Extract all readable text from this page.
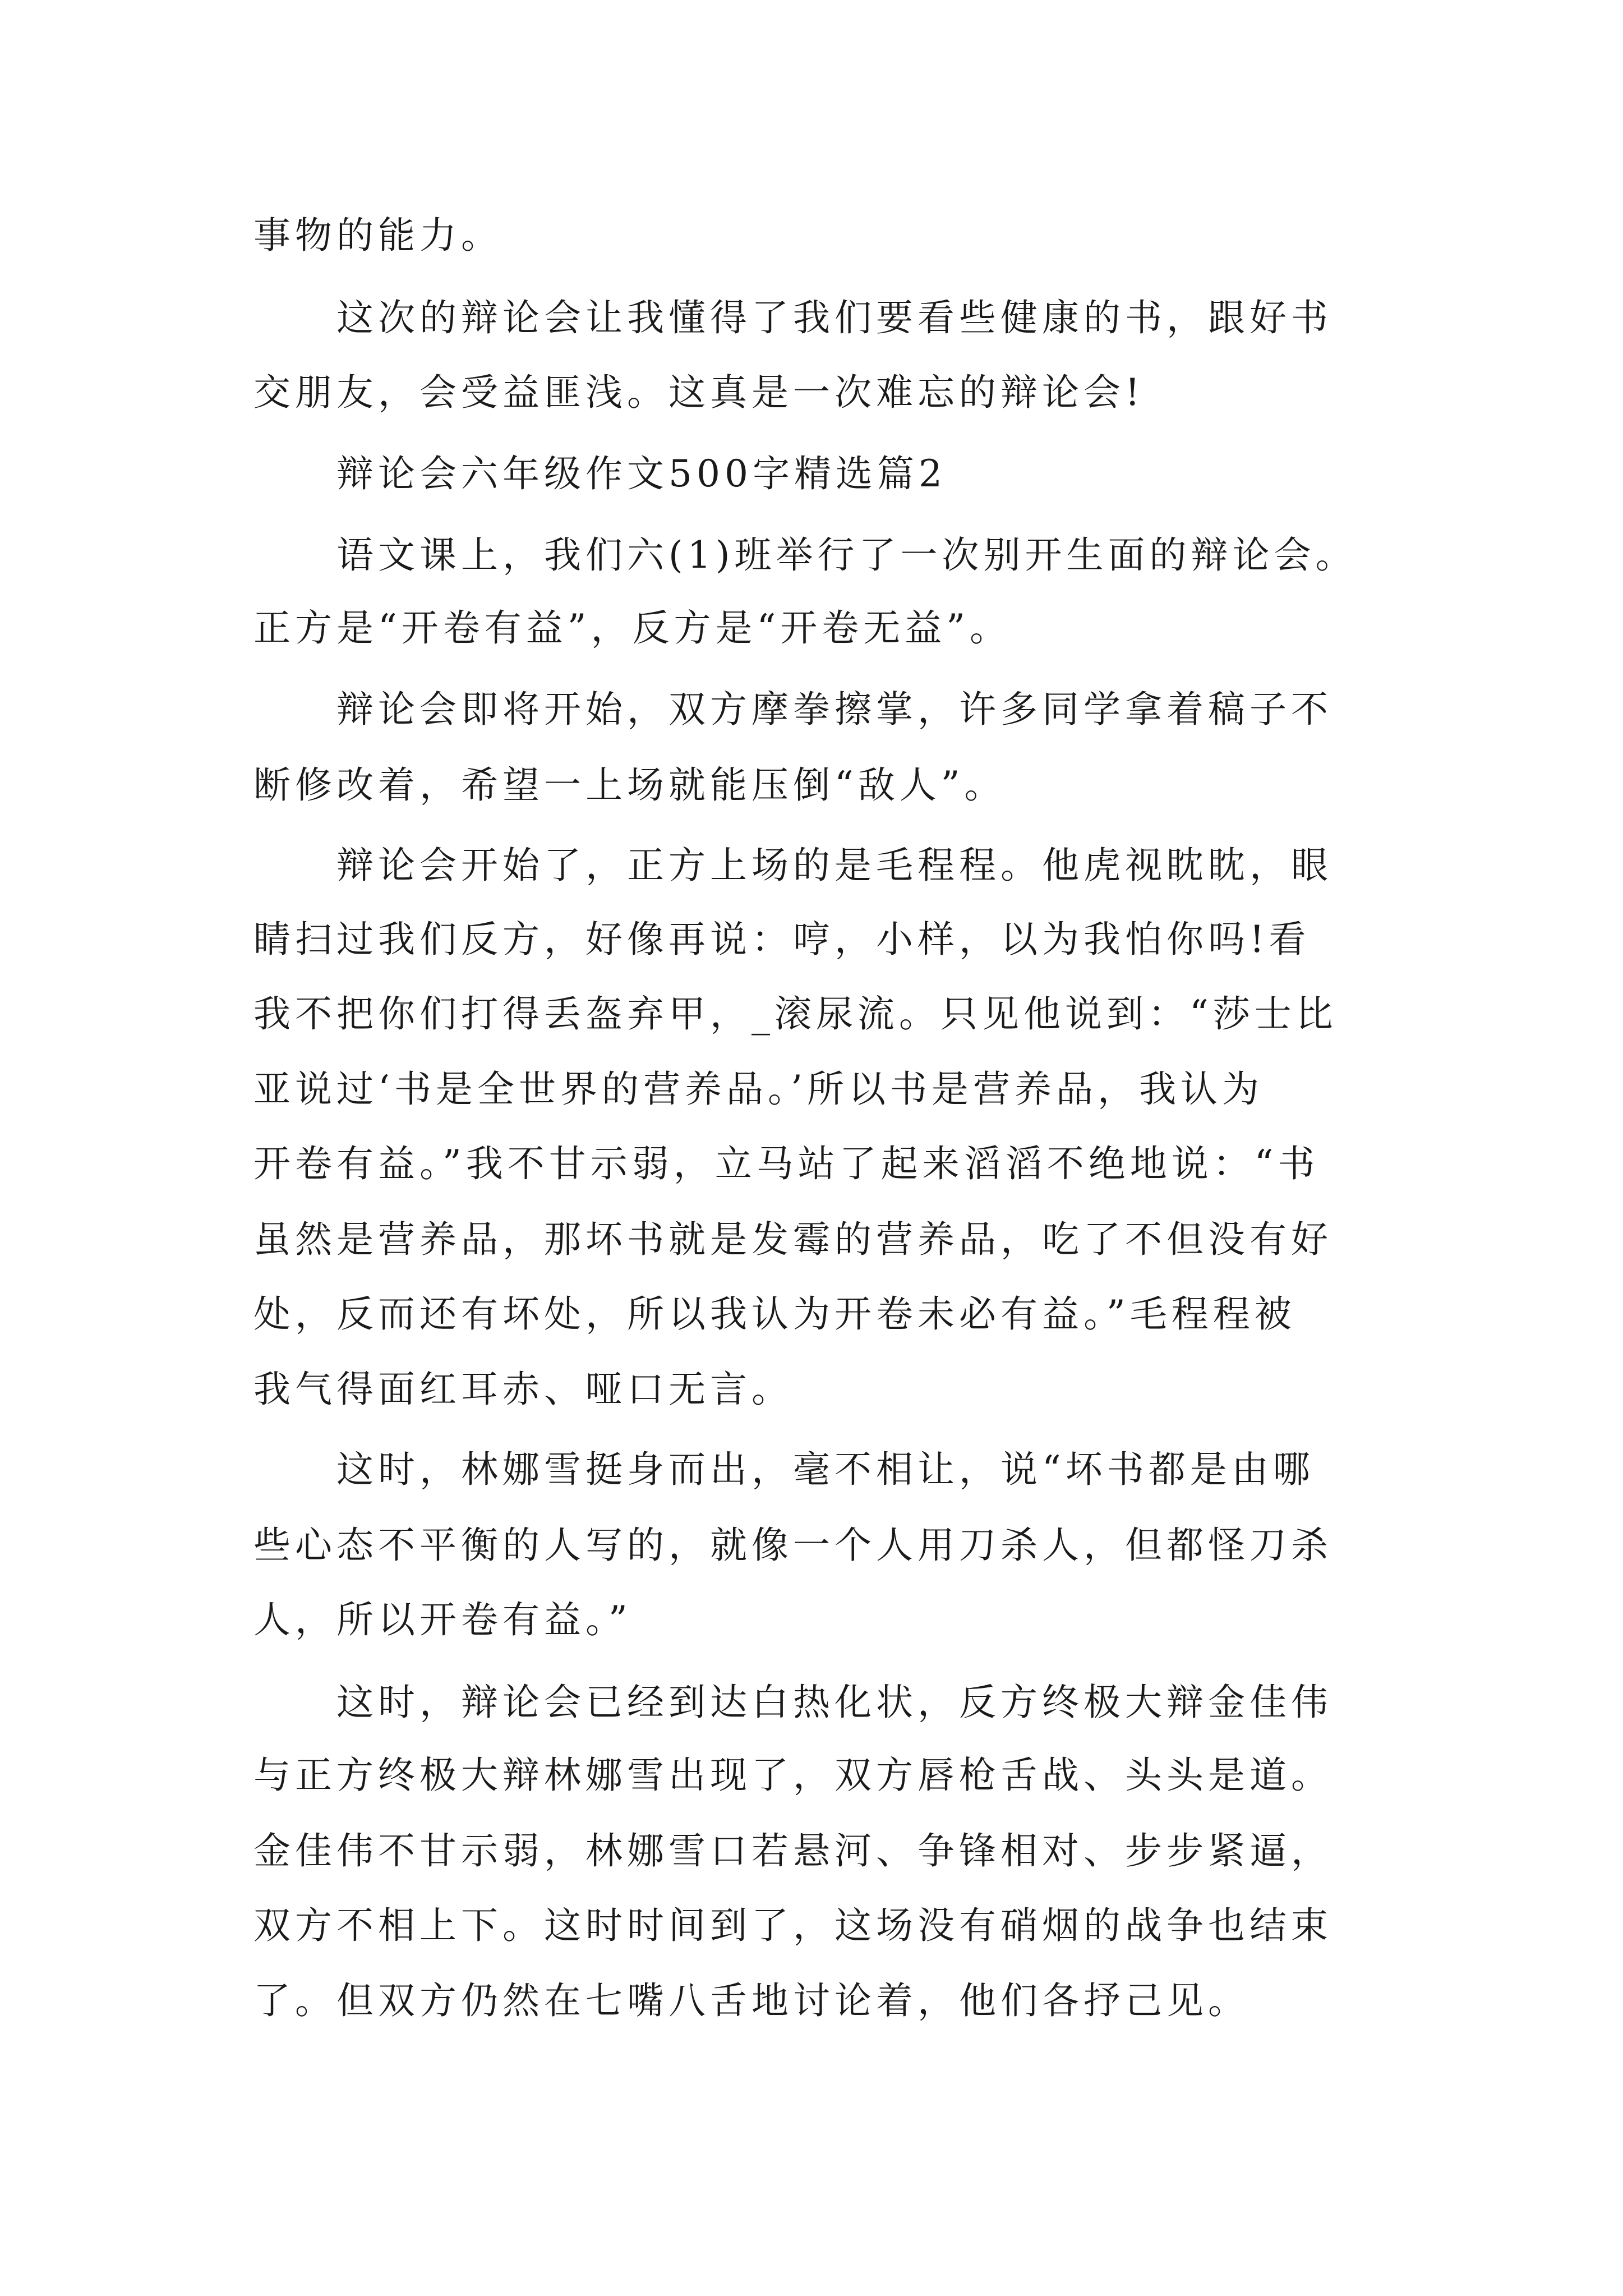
事物的能力。
这次的辩论会让我懂得了我们要看些健康的书，跟好书
交朋友，会受益匪浅。这真是一次难忘的辩论会!
辩论会六年级作文500字精选篇2
语文课上，我们六(1)班举行了一次别开生面的辩论会。
正方是“开卷有益”，反方是“开卷无益”。
辩论会即将开始，双方摩拳擦掌，许多同学拿着稿子不
断修改着，希望一上场就能压倒“敌人”。
辩论会开始了，正方上场的是毛程程。他虎视眈眈，眼
睛扫过我们反方，好像再说：哼，小样，以为我怕你吗!看
我不把你们打得丢盔弃甲，_滚尿流。只见他说到：“莎士比
亚说过‘书是全世界的营养品。’所以书是营养品，我认为
开卷有益。”我不甘示弱，立马站了起来滔滔不绝地说：“书
虽然是营养品，那坏书就是发霉的营养品，吃了不但没有好
处，反而还有坏处，所以我认为开卷未必有益。”毛程程被
我气得面红耳赤、哑口无言。
这时，林娜雪挺身而出，毫不相让，说“坏书都是由哪
些心态不平衡的人写的，就像一个人用刀杀人，但都怪刀杀
人，所以开卷有益。”
这时，辩论会已经到达白热化状，反方终极大辩金佳伟
与正方终极大辩林娜雪出现了，双方唇枪舌战、头头是道。
金佳伟不甘示弱，林娜雪口若悬河、争锋相对、步步紧逼，
双方不相上下。这时时间到了，这场没有硝烟的战争也结束
了。但双方仍然在七嘴八舌地讨论着，他们各抒己见。
